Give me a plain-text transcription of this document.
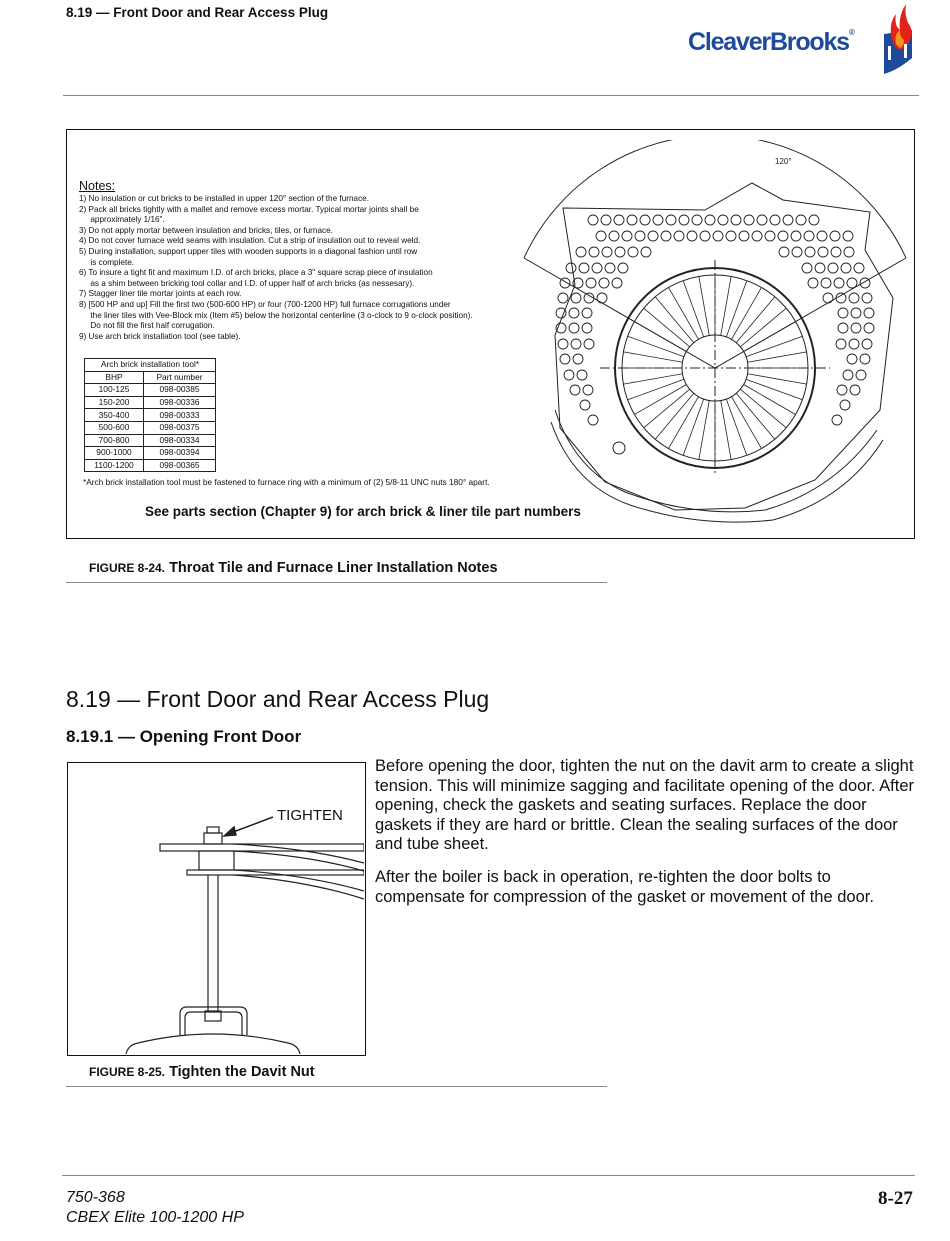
8.19 — Front Door and Rear Access Plug
CleaverBrooks®
Notes:
1) No insulation or cut bricks to be installed in upper 120° section of the furnace.
2) Pack all bricks tightly with a mallet and remove excess mortar. Typical mortar joints shall be
approximately 1/16".
3) Do not apply mortar between insulation and bricks, tiles, or furnace.
4) Do not cover furnace weld seams with insulation. Cut a strip of insulation out to reveal weld.
5) During installation, support upper tiles with wooden supports in a diagonal fashion until row
is complete.
6) To insure a tight fit and maximum I.D. of arch bricks, place a 3" square scrap piece of insulation
as a shim between bricking tool collar and I.D. of upper half of arch bricks (as nessesary).
7) Stagger liner tile mortar joints at each row.
8) [500 HP and up] Fill the first two (500-600 HP) or four (700-1200 HP) full furnace corrugations under
the liner tiles with Vee-Block mix (Item #5) below the horizontal centerline (3 o-clock to 9 o-clock position).
Do not fill the first half corrugation.
9) Use arch brick installation tool (see table).
Arch brick installation tool*	
BHP	Part number
100-125	098-00385
150-200	098-00336
350-400	098-00333
500-600	098-00375
700-800	098-00334
900-1000	098-00394
1100-1200	098-00365
*Arch brick installation tool must be fastened to furnace ring with a minimum of (2) 5/8-11 UNC nuts 180° apart.
See parts section (Chapter 9) for arch brick & liner tile part numbers
120°
FIGURE 8-24. Throat Tile and Furnace Liner Installation Notes
8.19 — Front Door and Rear Access Plug
8.19.1 — Opening Front Door
TIGHTEN

Before opening the door, tighten the nut on the davit arm to create a slight tension. This will minimize sagging and facilitate opening of the door. After opening, check the gaskets and seating surfaces. Replace the door gaskets if they are hard or brittle. Clean the sealing surfaces of the door and tube sheet.

After the boiler is back in operation, re-tighten the door bolts to compensate for compression of the gasket or movement of the door.

FIGURE 8-25. Tighten the Davit Nut
750-368
CBEX Elite 100-1200 HP
8-27
